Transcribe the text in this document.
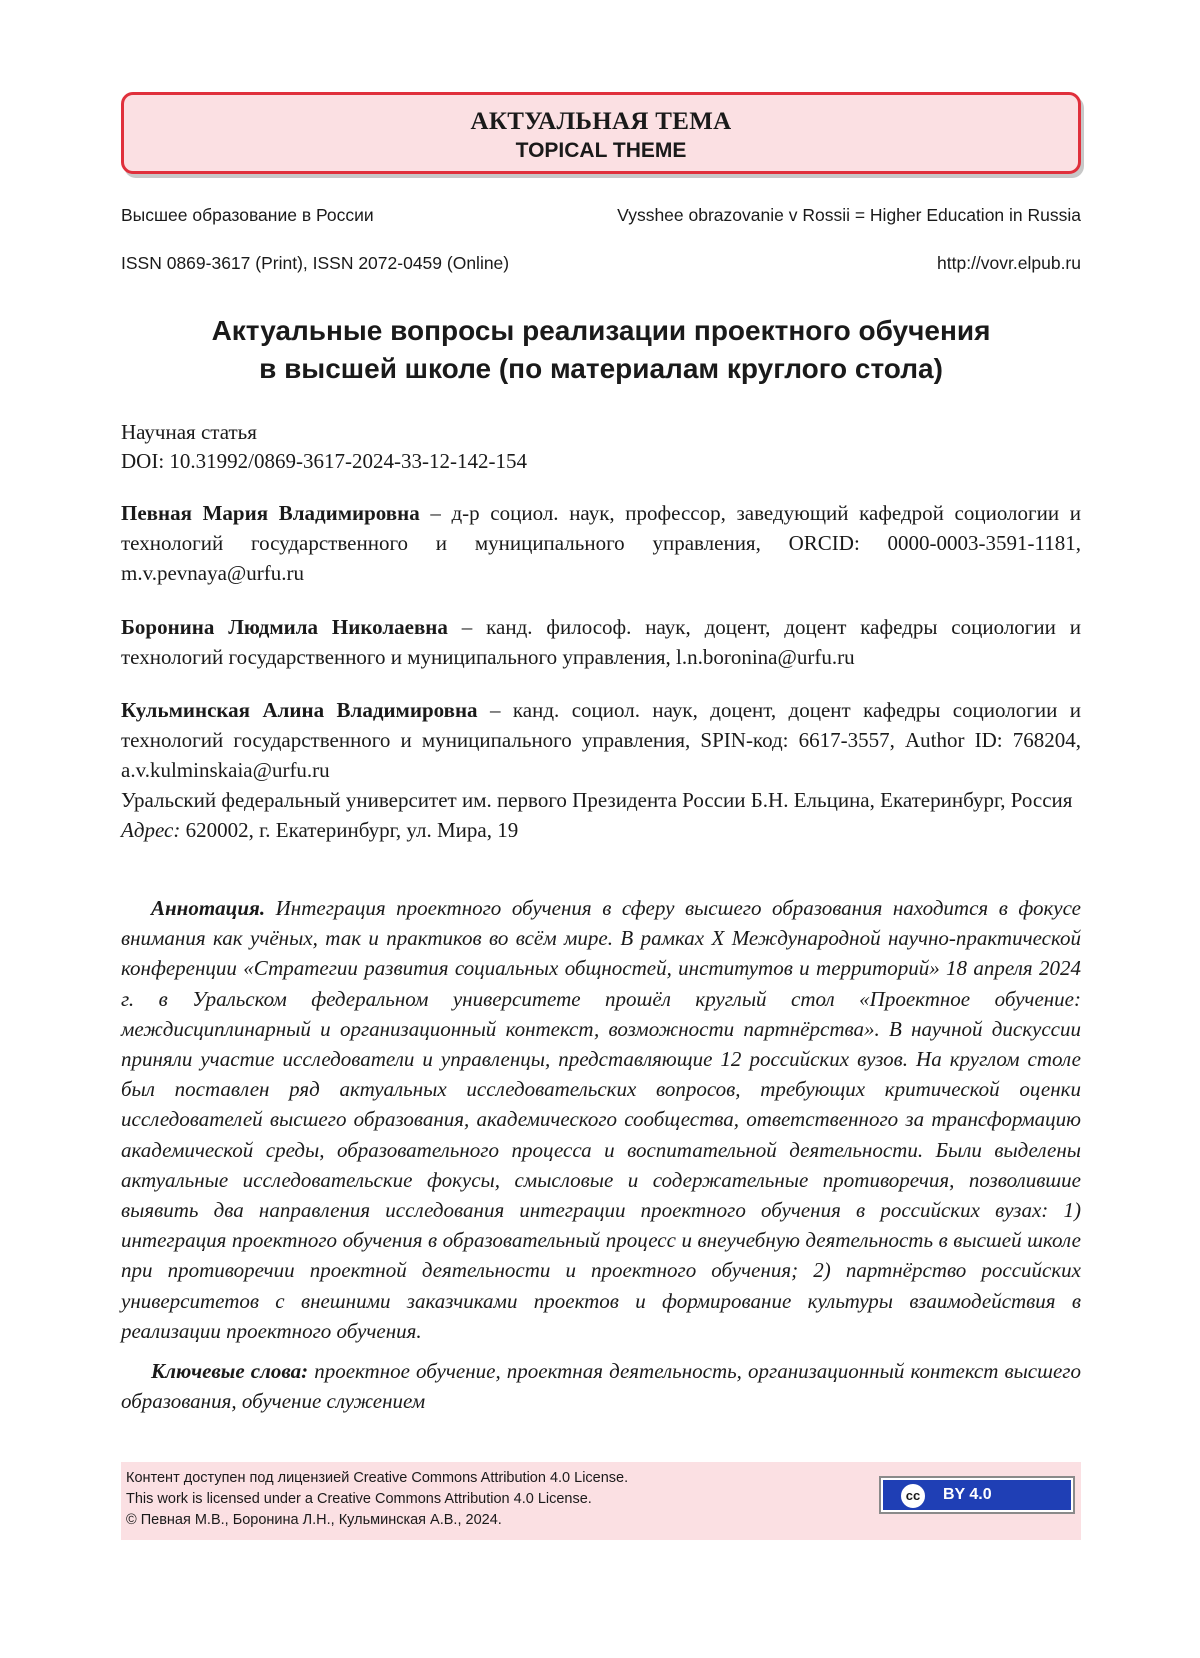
АКТУАЛЬНАЯ ТЕМА
TOPICAL THEME
Высшее образование в России	Vysshee obrazovanie v Rossii = Higher Education in Russia
ISSN 0869-3617 (Print), ISSN 2072-0459 (Online)	http://vovr.elpub.ru
Актуальные вопросы реализации проектного обучения
в высшей школе (по материалам круглого стола)
Научная статья
DOI: 10.31992/0869-3617-2024-33-12-142-154
Певная Мария Владимировна – д-р социол. наук, профессор, заведующий кафедрой социологии и технологий государственного и муниципального управления, ORCID: 0000-0003-3591-1181, m.v.pevnaya@urfu.ru
Боронина Людмила Николаевна – канд. философ. наук, доцент, доцент кафедры социологии и технологий государственного и муниципального управления, l.n.boronina@urfu.ru

Кульминская Алина Владимировна – канд. социол. наук, доцент, доцент кафедры социологии и технологий государственного и муниципального управления, SPIN-код: 6617-3557, Author ID: 768204, a.v.kulminskaia@urfu.ru

Уральский федеральный университет им. первого Президента России Б.Н. Ельцина, Екатеринбург, Россия

Адрес: 620002, г. Екатеринбург, ул. Мира, 19

Аннотация. Интеграция проектного обучения в сферу высшего образования находится в фокусе внимания как учёных, так и практиков во всём мире. В рамках X Международной научно-практической конференции «Стратегии развития социальных общностей, институтов и территорий» 18 апреля 2024 г. в Уральском федеральном университете прошёл круглый стол «Проектное обучение: междисциплинарный и организационный контекст, возможности партнёрства». В научной дискуссии приняли участие исследователи и управленцы, представляющие 12 российских вузов. На круглом столе был поставлен ряд актуальных исследовательских вопросов, требующих критической оценки исследователей высшего образования, академического сообщества, ответственного за трансформацию академической среды, образовательного процесса и воспитательной деятельности. Были выделены актуальные исследовательские фокусы, смысловые и содержательные противоречия, позволившие выявить два направления исследования интеграции проектного обучения в российских вузах: 1) интеграция проектного обучения в образовательный процесс и внеучебную деятельность в высшей школе при противоречии проектной деятельности и проектного обучения; 2) партнёрство российских университетов с внешними заказчиками проектов и формирование культуры взаимодействия в реализации проектного обучения.

Ключевые слова: проектное обучение, проектная деятельность, организационный контекст высшего образования, обучение служением

Контент доступен под лицензией Creative Commons Attribution 4.0 License.
This work is licensed under a Creative Commons Attribution 4.0 License.
© Певная М.В., Боронина Л.Н., Кульминская А.В., 2024.
cc	BY 4.0
